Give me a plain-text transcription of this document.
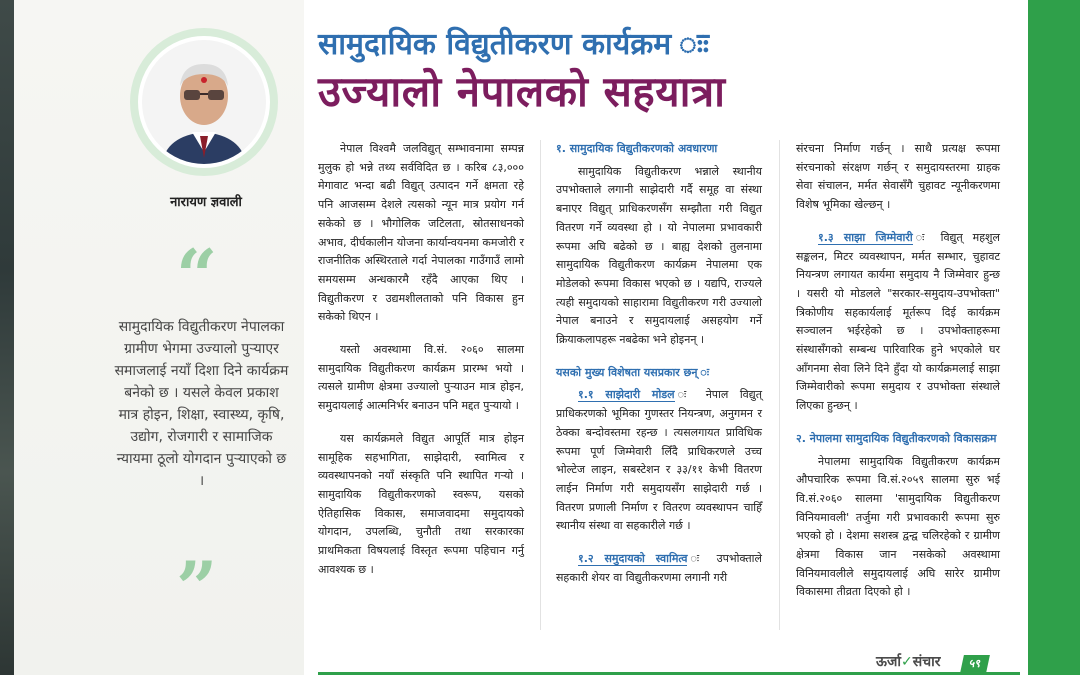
नारायण ज्ञवाली
“
सामुदायिक विद्युतीकरण नेपालका ग्रामीण भेगमा उज्यालो पुऱ्याएर समाजलाई नयाँ दिशा दिने कार्यक्रम बनेको छ । यसले केवल प्रकाश मात्र होइन, शिक्षा, स्वास्थ्य, कृषि, उद्योग, रोजगारी र सामाजिक न्यायमा ठूलो योगदान पुऱ्याएको छ ।
”
सामुदायिक विद्युतीकरण कार्यक्रम ःः
उज्यालो नेपालको सहयात्रा

नेपाल विश्वमै जलविद्युत् सम्भावनामा सम्पन्न मुलुक हो भन्ने तथ्य सर्वविदित छ । करिब ८३,००० मेगावाट भन्दा बढी विद्युत् उत्पादन गर्ने क्षमता रहे पनि आजसम्म देशले त्यसको न्यून मात्र प्रयोग गर्न सकेको छ । भौगोलिक जटिलता, स्रोतसाधनको अभाव, दीर्घकालीन योजना कार्यान्वयनमा कमजोरी र राजनीतिक अस्थिरताले गर्दा नेपालका गाउँगाउँ लामो समयसम्म अन्धकारमै रहँदै आएका थिए । विद्युतीकरण र उद्यमशीलताको पनि विकास हुन सकेको थिएन ।

यस्तो अवस्थामा वि.सं. २०६० सालमा सामुदायिक विद्युतीकरण कार्यक्रम प्रारम्भ भयो । त्यसले ग्रामीण क्षेत्रमा उज्यालो पुऱ्याउन मात्र होइन, समुदायलाई आत्मनिर्भर बनाउन पनि मद्दत पुऱ्यायो ।

यस कार्यक्रमले विद्युत आपूर्ति मात्र होइन सामूहिक सहभागिता, साझेदारी, स्वामित्व र व्यवस्थापनको नयाँ संस्कृति पनि स्थापित गऱ्यो । सामुदायिक विद्युतीकरणको स्वरूप, यसको ऐतिहासिक विकास, समाजवादमा समुदायको योगदान, उपलब्धि, चुनौती तथा सरकारका प्राथमिकता विषयलाई विस्तृत रूपमा पहिचान गर्नु आवश्यक छ ।

१. सामुदायिक विद्युतीकरणको अवधारणा

सामुदायिक विद्युतीकरण भन्नाले स्थानीय उपभोक्ताले लगानी साझेदारी गर्दै समूह वा संस्था बनाएर विद्युत् प्राधिकरणसँग सम्झौता गरी विद्युत वितरण गर्ने व्यवस्था हो । यो नेपालमा प्रभावकारी रूपमा अघि बढेको छ । बाह्य देशको तुलनामा सामुदायिक विद्युतीकरण कार्यक्रम नेपालमा एक मोडेलको रूपमा विकास भएको छ । यद्यपि, राज्यले त्यही समुदायको साहारामा विद्युतीकरण गरी उज्यालो नेपाल बनाउने र समुदायलाई असहयोग गर्ने क्रियाकलापहरू नबढेका भने होइनन् ।

यसको मुख्य विशेषता यसप्रकार छन् ः

१.१ साझेदारी मोडल ः नेपाल विद्युत् प्राधिकरणको भूमिका गुणस्तर नियन्त्रण, अनुगमन र ठेक्का बन्दोवस्तमा रहन्छ । त्यसलगायत प्राविधिक रूपमा पूर्ण जिम्मेवारी लिँदै प्राधिकरणले उच्च भोल्टेज लाइन, सबस्टेशन र ३३/११ केभी वितरण लाईन निर्माण गरी समुदायसँग साझेदारी गर्छ । वितरण प्रणाली निर्माण र वितरण व्यवस्थापन चाहिँ स्थानीय संस्था वा सहकारीले गर्छ ।

१.२ समुदायको स्वामित्व ः उपभोक्ताले सहकारी शेयर वा विद्युतीकरणमा लगानी गरी

संरचना निर्माण गर्छन् । साथै प्रत्यक्ष रूपमा संरचनाको संरक्षण गर्छन् र समुदायस्तरमा ग्राहक सेवा संचालन, मर्मत सेवासँगै चुहावट न्यूनीकरणमा विशेष भूमिका खेल्छन् ।

१.३ साझा जिम्मेवारी ः विद्युत् महशुल सङ्कलन, मिटर व्यवस्थापन, मर्मत सम्भार, चुहावट नियन्त्रण लगायत कार्यमा समुदाय नै जिम्मेवार हुन्छ । यसरी यो मोडलले "सरकार-समुदाय-उपभोक्ता" त्रिकोणीय सहकार्यलाई मूर्तरूप दिई कार्यक्रम सञ्चालन भईरहेको छ । उपभोक्ताहरूमा संस्थासँगको सम्बन्ध पारिवारिक हुने भएकोले घर आँगनमा सेवा लिने दिने हुँदा यो कार्यक्रमलाई साझा जिम्मेवारीको रूपमा समुदाय र उपभोक्ता संस्थाले लिएका हुन्छन् ।

२. नेपालमा सामुदायिक विद्युतीकरणको विकासक्रम

नेपालमा सामुदायिक विद्युतीकरण कार्यक्रम औपचारिक रूपमा वि.सं.२०५९ सालमा सुरु भई वि.सं.२०६० सालमा 'सामुदायिक विद्युतीकरण विनियमावली' तर्जुमा गरी प्रभावकारी रूपमा सुरु भएको हो । देशमा सशस्त्र द्वन्द्व चलिरहेको र ग्रामीण क्षेत्रमा विकास जान नसकेको अवस्थामा विनियमावलीले समुदायलाई अघि सारेर ग्रामीण विकासमा तीव्रता दिएको हो ।

ऊर्जा✓संचार	५९
